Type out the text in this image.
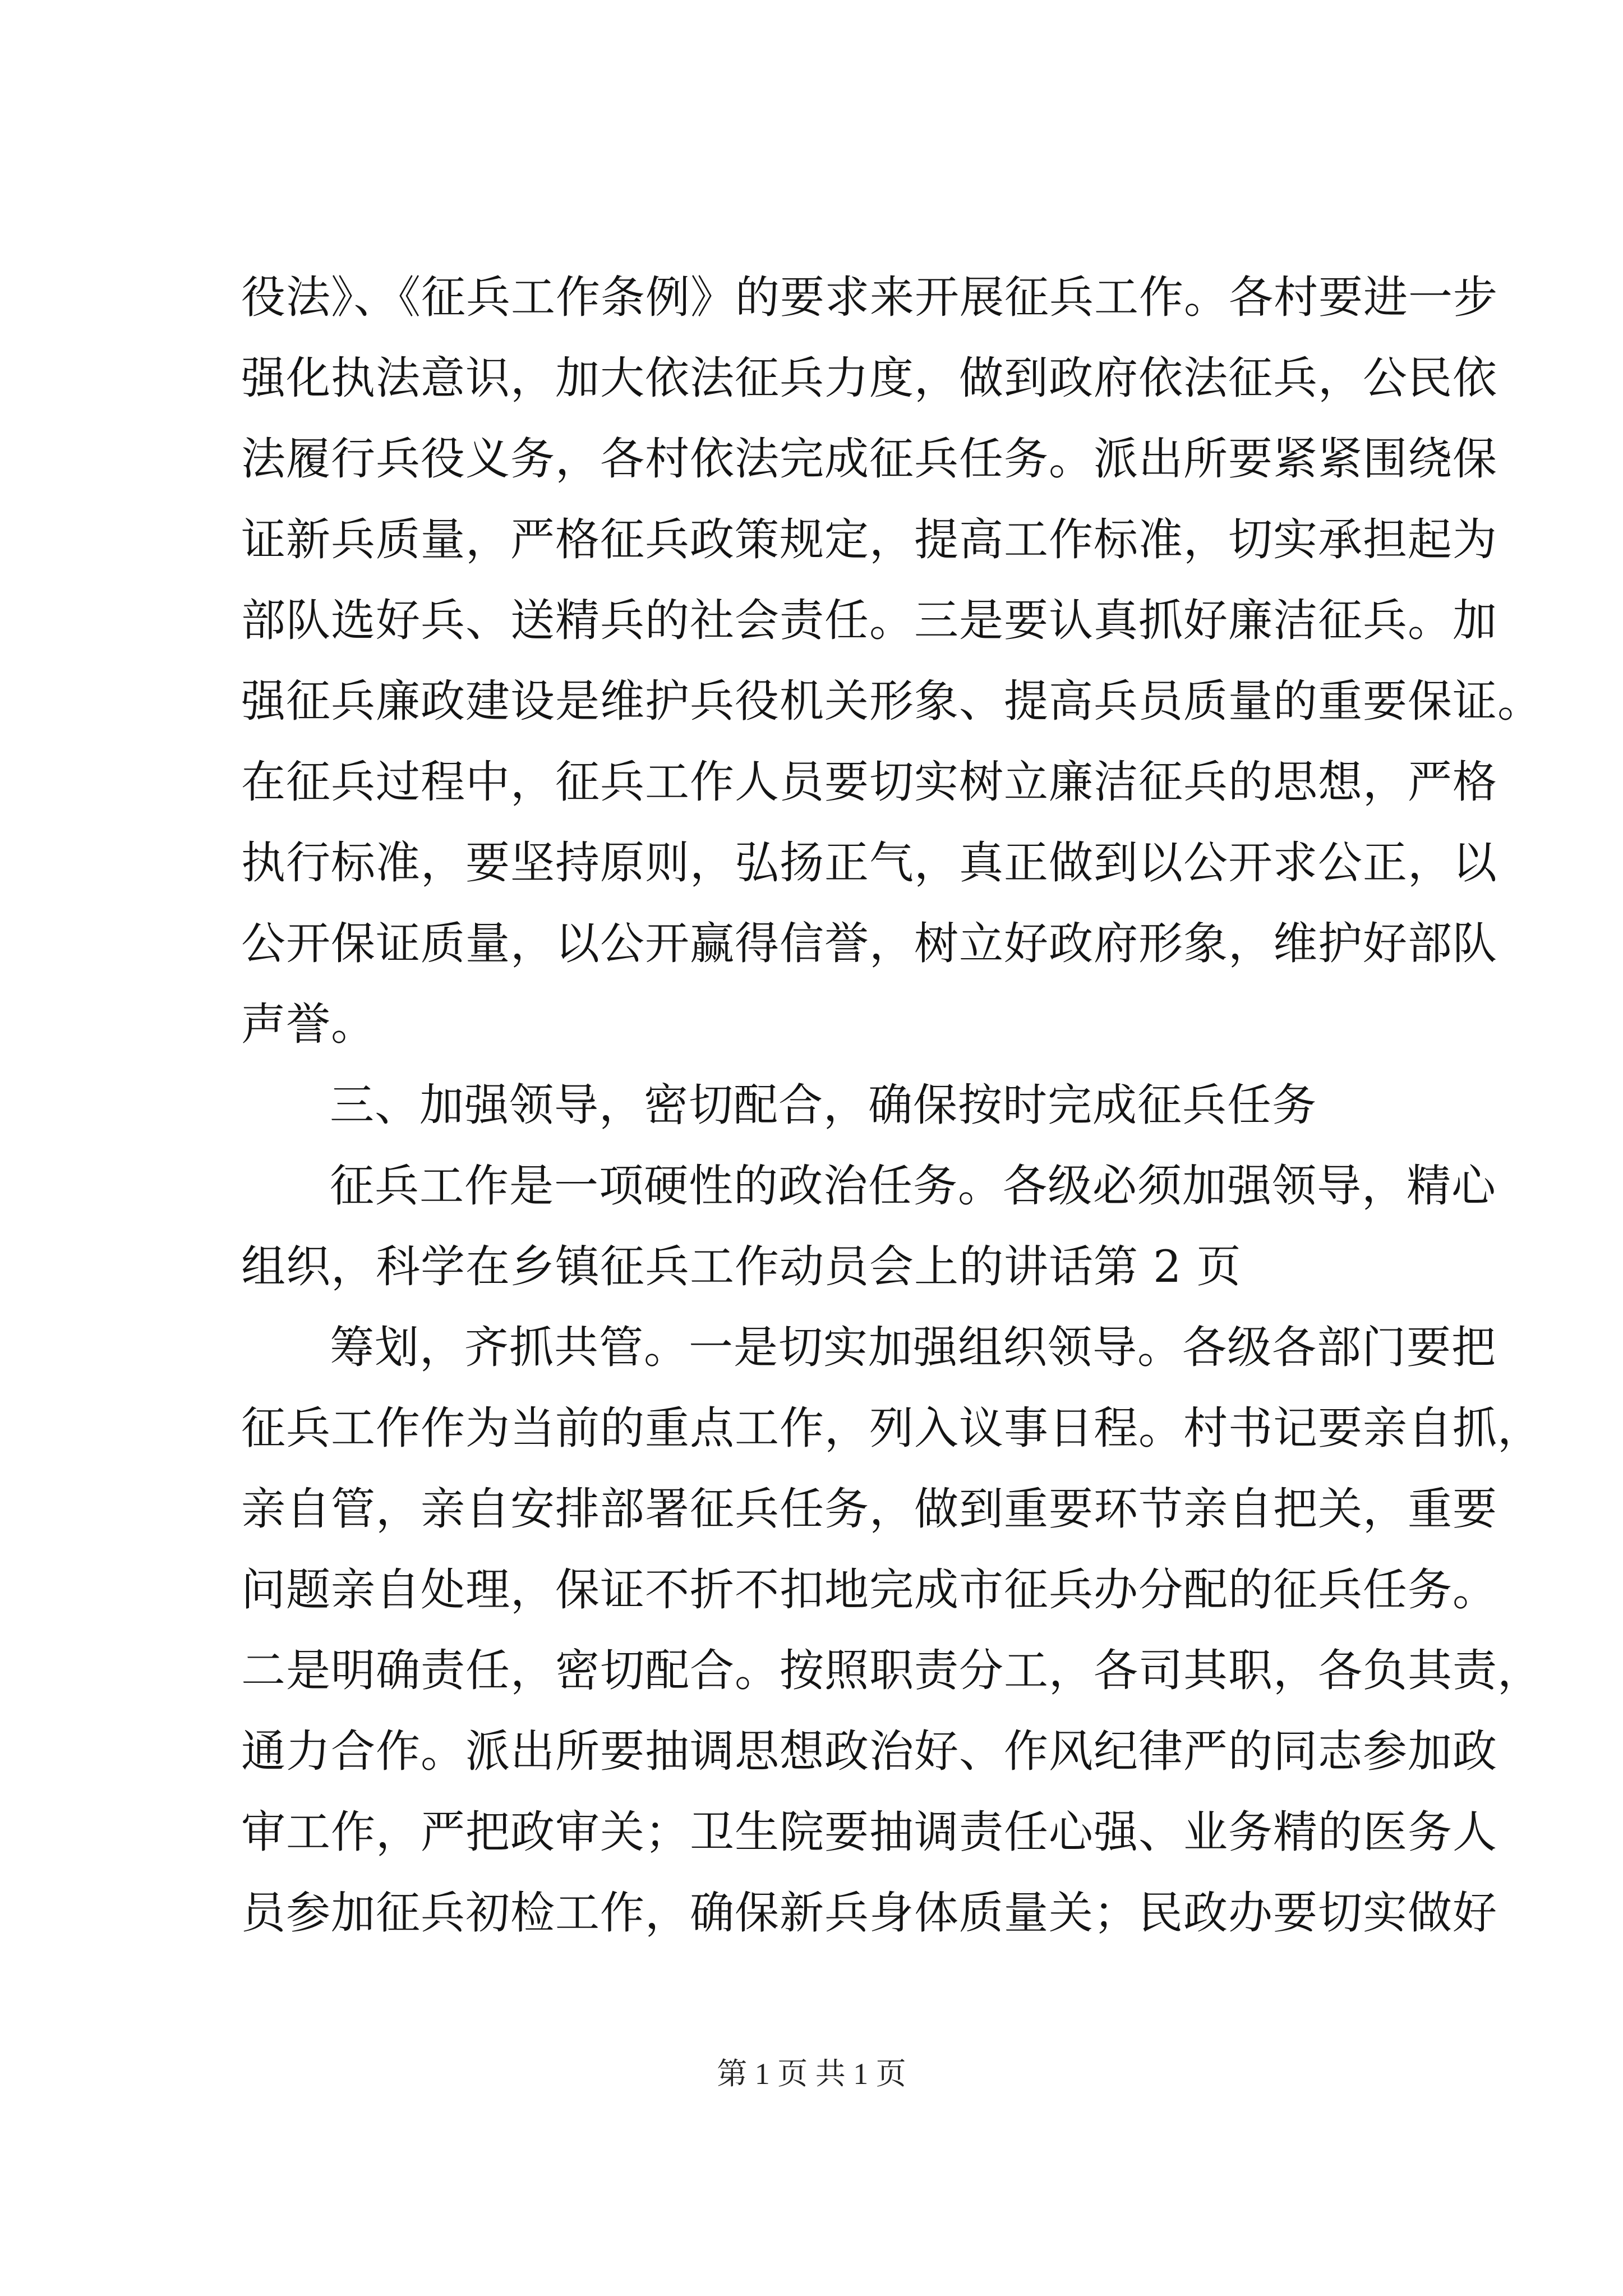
役法》、《征兵工作条例》的要求来开展征兵工作。各村要进一步
强化执法意识，加大依法征兵力度，做到政府依法征兵，公民依
法履行兵役义务，各村依法完成征兵任务。派出所要紧紧围绕保
证新兵质量，严格征兵政策规定，提高工作标准，切实承担起为
部队选好兵、送精兵的社会责任。三是要认真抓好廉洁征兵。加
强征兵廉政建设是维护兵役机关形象、提高兵员质量的重要保证。
在征兵过程中，征兵工作人员要切实树立廉洁征兵的思想，严格
执行标准，要坚持原则，弘扬正气，真正做到以公开求公正，以
公开保证质量，以公开赢得信誉，树立好政府形象，维护好部队
声誉。
三、加强领导，密切配合，确保按时完成征兵任务
征兵工作是一项硬性的政治任务。各级必须加强领导，精心
组织，科学在乡镇征兵工作动员会上的讲话第 2 页
筹划，齐抓共管。一是切实加强组织领导。各级各部门要把
征兵工作作为当前的重点工作，列入议事日程。村书记要亲自抓，
亲自管，亲自安排部署征兵任务，做到重要环节亲自把关，重要
问题亲自处理，保证不折不扣地完成市征兵办分配的征兵任务。
二是明确责任，密切配合。按照职责分工，各司其职，各负其责，
通力合作。派出所要抽调思想政治好、作风纪律严的同志参加政
审工作，严把政审关；卫生院要抽调责任心强、业务精的医务人
员参加征兵初检工作，确保新兵身体质量关；民政办要切实做好
第 1 页 共 1 页
